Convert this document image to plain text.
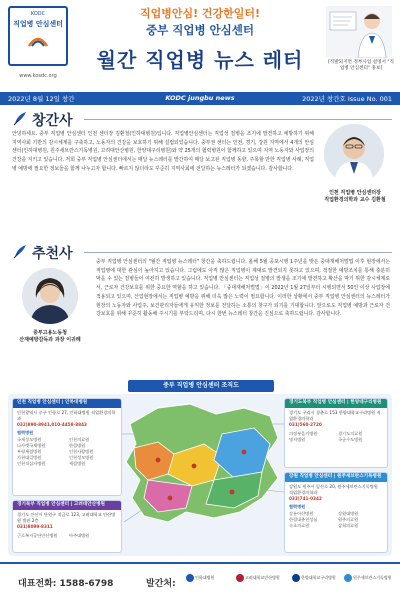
KODC
직업병 안심센터
www.kosdc.org
직업병안심! 건강한일터!
중부 직업병 안심센터
월간 직업병 뉴스 레터	[적발되지면 정부사업 설명서 "직업병 안심센터" 홍보]
2022년 8월 12일 창간	KODC jungbu news	2022년 창간호 Issue No. 001
창간사
안녕하세요. 중부 직업병 안심센터 인천 센터장 김환철(인하대병원)입니다. 직업병안심센터는 직업성 질병을 조기에 발견하고 예방하기 위해 지역사회 기반의 감시체계를 구축하고, 노동자의 건강을 보호하기 위해 설립되었습니다. 중부권 센터는 인천, 경기, 강원 지역에서 4개의 안심센터(인하대병원, 원주세브란스기독병원, 고려대안산병원, 한양대구리병원)와 약 25개의 협력병원이 함께하고 있으며 지역 노동자와 사업장의 건강을 지키고 있습니다. 저희 중부 직업병 안심센터에서는 매달 뉴스레터를 발간하여 매달 보고된 직업병 동향, 주목할 만한 직업병 사례, 직업병 예방에 필요한 정보들을 함께 나누고자 합니다. 빠르지 않더라도 꾸준히 지역사회에 전달하는 뉴스레터가 되겠습니다. 감사합니다.
인천 직업병 안심센터장
직업환경의학과 교수 김환철
추천사
중부고용노동청
산재예방감독과 과장 이귀례
중부 직업병 안심센터의 "월간 직업병 뉴스레터" 창간을 축하드립니다. 올해 5월 공포시행 1주년을 맞은 중대재해처벌법 이후 현장에서는 직업병에 대한 관심이 높아지고 있습니다. 그럼에도 아직 많은 직업병이 제대로 발견되지 못하고 있으며, 적절한 예방조치를 통해 충분히 막을 수 있는 질병들이 여전히 발생하고 있습니다. 직업병 안심센터는 직업성 질병의 발생을 조기에 발견하고 확산을 막기 위한 감시체계로서, 근로자 건강보호를 위한 중요한 역할을 하고 있습니다. 「중대재해처벌법」이 2022년 1월 27일부터 시행되면서 50인 이상 사업장에 적용되고 있으며, 산업현장에서는 직업병 예방을 위해 더욱 많은 노력이 필요합니다. 이러한 상황에서 중부 직업병 안심센터의 뉴스레터가 현장의 노동자와 사업주, 보건관리자들에게 유익한 정보를 전달하는 소통의 창구가 되기를 기대합니다. 앞으로도 직업병 예방과 근로자 건강보호를 위해 꾸준히 활동해 주시기를 부탁드리며, 다시 한번 뉴스레터 창간을 진심으로 축하드립니다. 감사합니다.
중부 직업병 안심센터 조직도
인천 직업병 안심센터 | 인하대병원
인천광역시 중구 인항로 27, 인하대병원 직업환경의학과
032)890-8941,010-4458-8843
협력병원
국제성모병원	인천의료원
나사렛국제병원	한림병원
부평세림병원	인천사랑병원
가천대길병원	인천성모병원
인천적십자병원	세림병원
경기북부 직업병 안심센터 | 고려대안산병원
경기도 안산시 단원구 적금로 123, 고려대학교 안산병원 별관 2층
031)8099-8311
근로복지공단안산병원	아주대병원
경기도북부 직업병 안심센터 | 한양대구리병원
경기도 구리시 경춘로 153 한양대학교구리병원 직업환경의학과
031)560-2720
의정부을지병원	경기도의료원
명지병원	국군수도병원
강원 직업병 안심센터 | 원주세브란스기독병원
강원도 원주시 일산로 20, 원주세브란스기독병원 직업환경의학과
033)741-0342
협력병원
강릉아산병원	강원대병원
한림대춘천성심	원주의료원
속초의료원	삼척의료원
대표전화: 1588-6798	발간처:
인하대병원	고려대학교안산병원	한양대학교구리병원	원주세브란스기독병원
